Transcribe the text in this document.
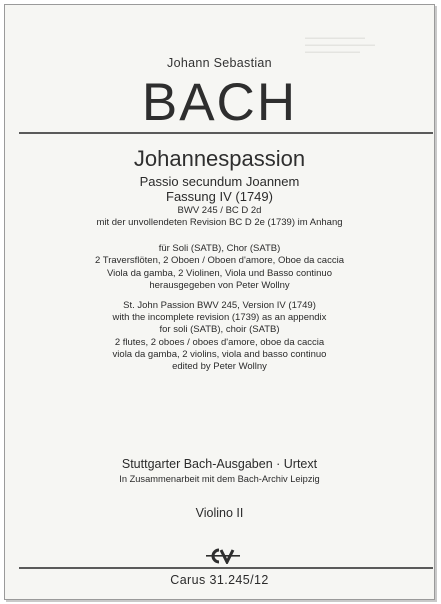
▬▬▬▬▬▬▬▬▬▬▬▬
▬▬▬▬▬▬▬▬▬▬▬▬▬▬
▬▬▬▬▬▬▬▬▬▬▬
Johann Sebastian
BACH
Johannespassion
Passio secundum Joannem
Fassung IV (1749)
BWV 245 / BC D 2d
mit der unvollendeten Revision BC D 2e (1739) im Anhang
für Soli (SATB), Chor (SATB)
2 Traversflöten, 2 Oboen / Oboen d'amore, Oboe da caccia
Viola da gamba, 2 Violinen, Viola und Basso continuo
herausgegeben von Peter Wollny
St. John Passion BWV 245, Version IV (1749)
with the incomplete revision (1739) as an appendix
for soli (SATB), choir (SATB)
2 flutes, 2 oboes / oboes d'amore, oboe da caccia
viola da gamba, 2 violins, viola and basso continuo
edited by Peter Wollny
Stuttgarter Bach-Ausgaben · Urtext
In Zusammenarbeit mit dem Bach-Archiv Leipzig
Violino II
Carus 31.245/12
